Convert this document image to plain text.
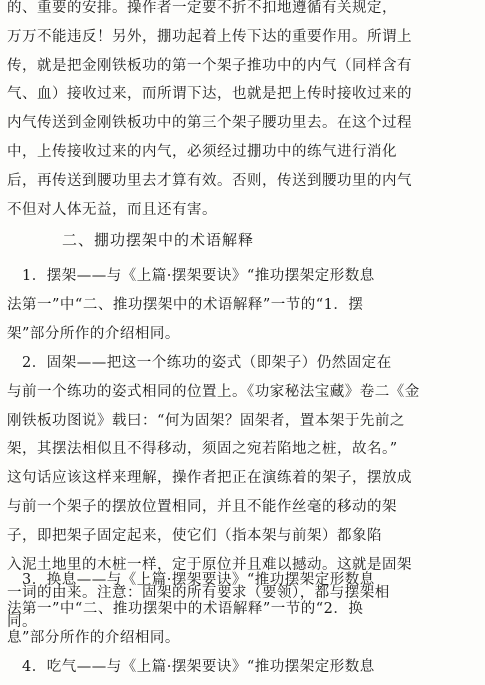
的、重要的安排。操作者一定要不折不扣地遵循有关规定，
万万不能违反！另外，掤功起着上传下达的重要作用。所谓上
传，就是把金刚铁板功的第一个架子推功中的内气（同样含有
气、血）接收过来，而所谓下达，也就是把上传时接收过来的
内气传送到金刚铁板功中的第三个架子腰功里去。在这个过程
中，上传接收过来的内气，必须经过掤功中的练气进行消化
后，再传送到腰功里去才算有效。否则，传送到腰功里的内气
不但对人体无益，而且还有害。
二、掤功摆架中的术语解释
　1．摆架——与《上篇·摆架要诀》“推功摆架定形数息
法第一”中“二、推功摆架中的术语解释”一节的“1．摆
架”部分所作的介绍相同。
　2．固架——把这一个练功的姿式（即架子）仍然固定在
与前一个练功的姿式相同的位置上。《功家秘法宝藏》卷二《金
刚铁板功图说》载曰：“何为固架？固架者，置本架于先前之
架，其摆法相似且不得移动，须固之宛若陷地之桩，故名。”
这句话应该这样来理解，操作者把正在演练着的架子，摆放成
与前一个架子的摆放位置相同，并且不能作丝毫的移动的架
子，即把架子固定起来，使它们（指本架与前架）都象陷
入泥土地里的木桩一样，定于原位并且难以撼动。这就是固架
一词的由来。注意：固架的所有要求（要领），都与摆架相
同。
　3．换息——与《上篇·摆架要诀》“推功摆架定形数息
法第一”中“二、推功摆架中的术语解释”一节的“2．换
息”部分所作的介绍相同。
　4．吃气——与《上篇·摆架要诀》“推功摆架定形数息
